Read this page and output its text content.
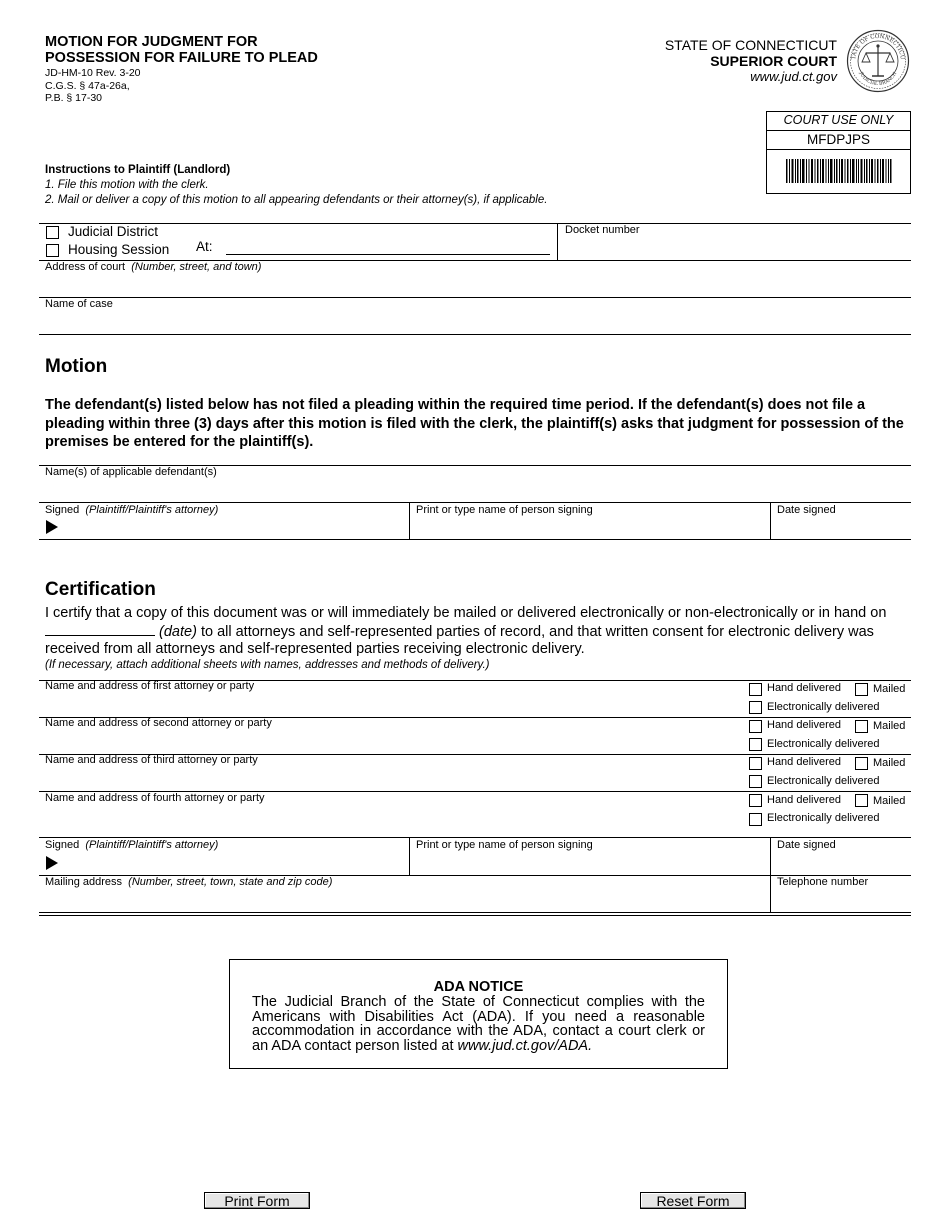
MOTION FOR JUDGMENT FOR
POSSESSION FOR FAILURE TO PLEAD
JD-HM-10 Rev. 3-20
C.G.S. § 47a-26a,
P.B. § 17-30
STATE OF CONNECTICUT
SUPERIOR COURT
www.jud.ct.gov
TATE OF CONNECTICU
JUDICIAL BRANCH
COURT USE ONLY
MFDPJPS
Instructions to Plaintiff (Landlord)
1. File this motion with the clerk.
2. Mail or deliver a copy of this motion to all appearing defendants or their attorney(s), if applicable.
Judicial District
Housing Session At:
Docket number
Address of court (Number, street, and town)
Name of case
Motion
The defendant(s) listed below has not filed a pleading within the required time period. If the defendant(s) does not file a pleading within three (3) days after this motion is filed with the clerk, the plaintiff(s) asks that judgment for possession of the premises be entered for the plaintiff(s).
Name(s) of applicable defendant(s)
Signed (Plaintiff/Plaintiff's attorney)	Print or type name of person signing	Date signed
Certification
I certify that a copy of this document was or will immediately be mailed or delivered electronically or non-electronically or in hand on  (date) to all attorneys and self-represented parties of record, and that written consent for electronic delivery was received from all attorneys and self-represented parties receiving electronic delivery.
(If necessary, attach additional sheets with names, addresses and methods of delivery.)
Name and address of first attorney or party	Hand delivered	Mailed
Electronically delivered
Name and address of second attorney or party	Hand delivered	Mailed
Electronically delivered
Name and address of third attorney or party	Hand delivered	Mailed
Electronically delivered
Name and address of fourth attorney or party	Hand delivered	Mailed
Electronically delivered
Signed (Plaintiff/Plaintiff's attorney)	Print or type name of person signing	Date signed
Mailing address (Number, street, town, state and zip code)	Telephone number
ADA NOTICE
The Judicial Branch of the State of Connecticut complies with the Americans with Disabilities Act (ADA). If you need a reasonable accommodation in accordance with the ADA, contact a court clerk or an ADA contact person listed at www.jud.ct.gov/ADA.
Print Form	Reset Form
